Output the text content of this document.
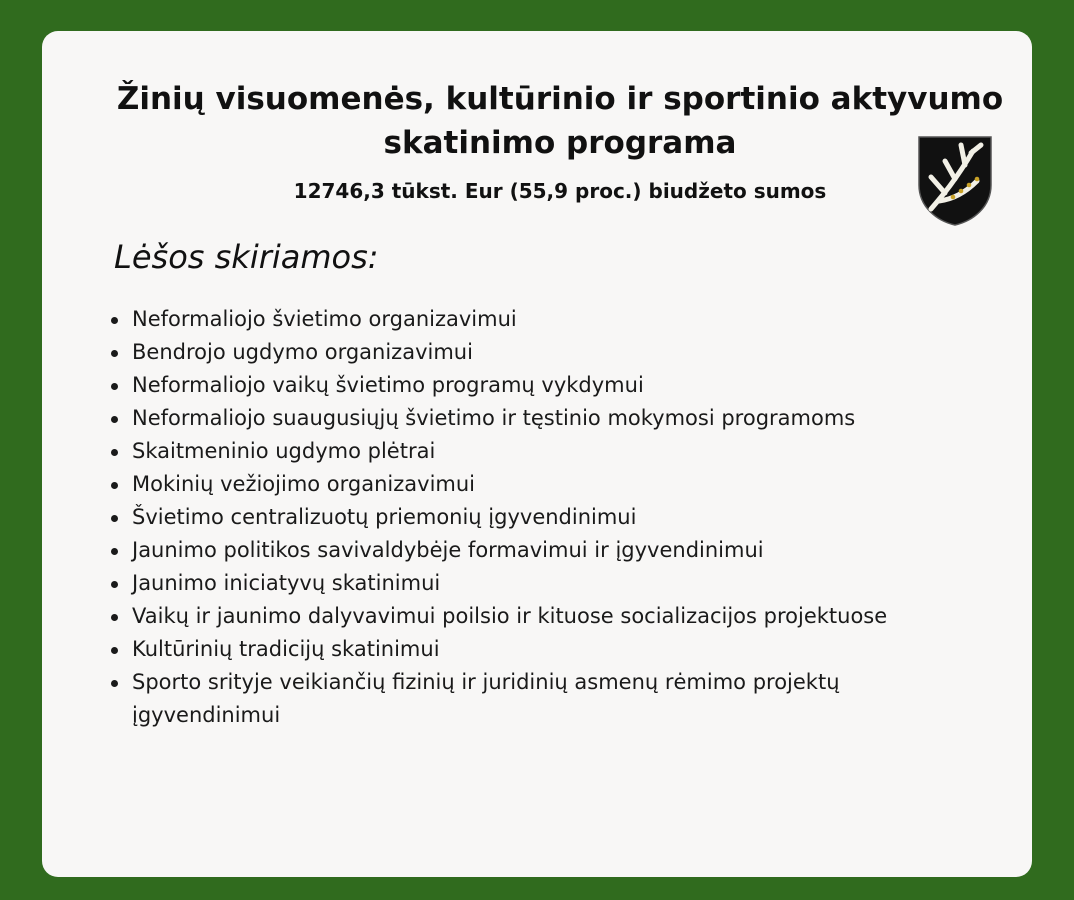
Žinių visuomenės, kultūrinio ir sportinio aktyvumo skatinimo programa

12746,3 tūkst. Eur (55,9 proc.) biudžeto sumos

Lėšos skiriamos:
Neformaliojo švietimo organizavimui
Bendrojo ugdymo organizavimui
Neformaliojo vaikų švietimo programų vykdymui
Neformaliojo suaugusiųjų švietimo ir tęstinio mokymosi programoms
Skaitmeninio ugdymo plėtrai
Mokinių vežiojimo organizavimui
Švietimo centralizuotų priemonių įgyvendinimui
Jaunimo politikos savivaldybėje formavimui ir įgyvendinimui
Jaunimo iniciatyvų skatinimui
Vaikų ir jaunimo dalyvavimui poilsio ir kituose socializacijos projektuose
Kultūrinių tradicijų skatinimui
Sporto srityje veikiančių fizinių ir juridinių asmenų rėmimo projektų įgyvendinimui
